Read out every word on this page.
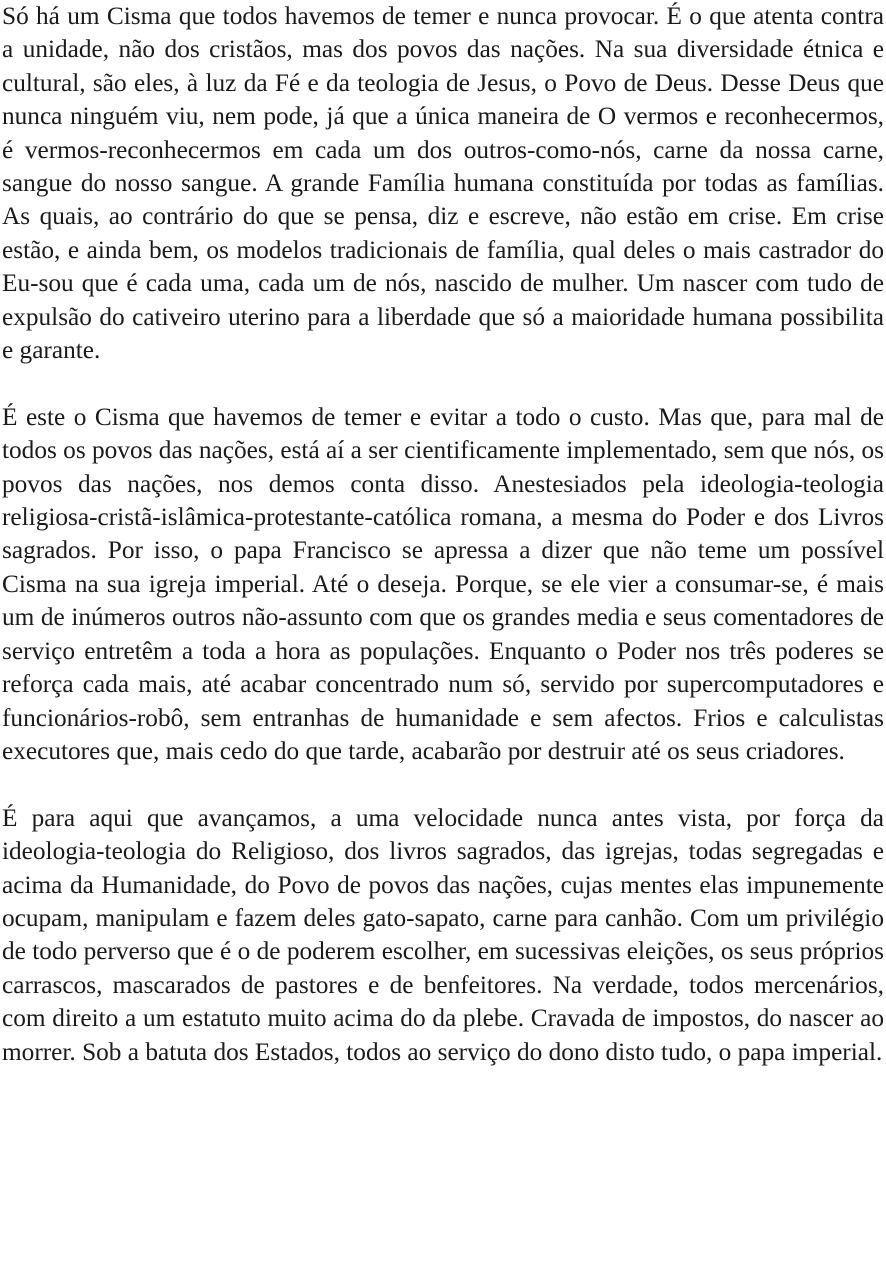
Só há um Cisma que todos havemos de temer e nunca provocar. É o que atenta contra a unidade, não dos cristãos, mas dos povos das nações. Na sua diversidade étnica e cultural, são eles, à luz da Fé e da teologia de Jesus, o Povo de Deus. Desse Deus que nunca ninguém viu, nem pode, já que a única maneira de O vermos e reconhecermos, é vermos-reconhecermos em cada um dos outros-como-nós, carne da nossa carne, sangue do nosso sangue. A grande Família humana constituída por todas as famílias. As quais, ao contrário do que se pensa, diz e escreve, não estão em crise. Em crise estão, e ainda bem, os modelos tradicionais de família, qual deles o mais castrador do Eu-sou que é cada uma, cada um de nós, nascido de mulher. Um nascer com tudo de expulsão do cativeiro uterino para a liberdade que só a maioridade humana possibilita e garante.

É este o Cisma que havemos de temer e evitar a todo o custo. Mas que, para mal de todos os povos das nações, está aí a ser cientificamente implementado, sem que nós, os povos das nações, nos demos conta disso. Anestesiados pela ideologia-teologia religiosa-cristã-islâmica-protestante-católica romana, a mesma do Poder e dos Livros sagrados. Por isso, o papa Francisco se apressa a dizer que não teme um possível Cisma na sua igreja imperial. Até o deseja. Porque, se ele vier a consumar-se, é mais um de inúmeros outros não-assunto com que os grandes media e seus comentadores de serviço entretêm a toda a hora as populações. Enquanto o Poder nos três poderes se reforça cada mais, até acabar concentrado num só, servido por supercomputadores e funcionários-robô, sem entranhas de humanidade e sem afectos. Frios e calculistas executores que, mais cedo do que tarde, acabarão por destruir até os seus criadores.

É para aqui que avançamos, a uma velocidade nunca antes vista, por força da ideologia-teologia do Religioso, dos livros sagrados, das igrejas, todas segregadas e acima da Humanidade, do Povo de povos das nações, cujas mentes elas impunemente ocupam, manipulam e fazem deles gato-sapato, carne para canhão. Com um privilégio de todo perverso que é o de poderem escolher, em sucessivas eleições, os seus próprios carrascos, mascarados de pastores e de benfeitores. Na verdade, todos mercenários, com direito a um estatuto muito acima do da plebe. Cravada de impostos, do nascer ao morrer. Sob a batuta dos Estados, todos ao serviço do dono disto tudo, o papa imperial.
